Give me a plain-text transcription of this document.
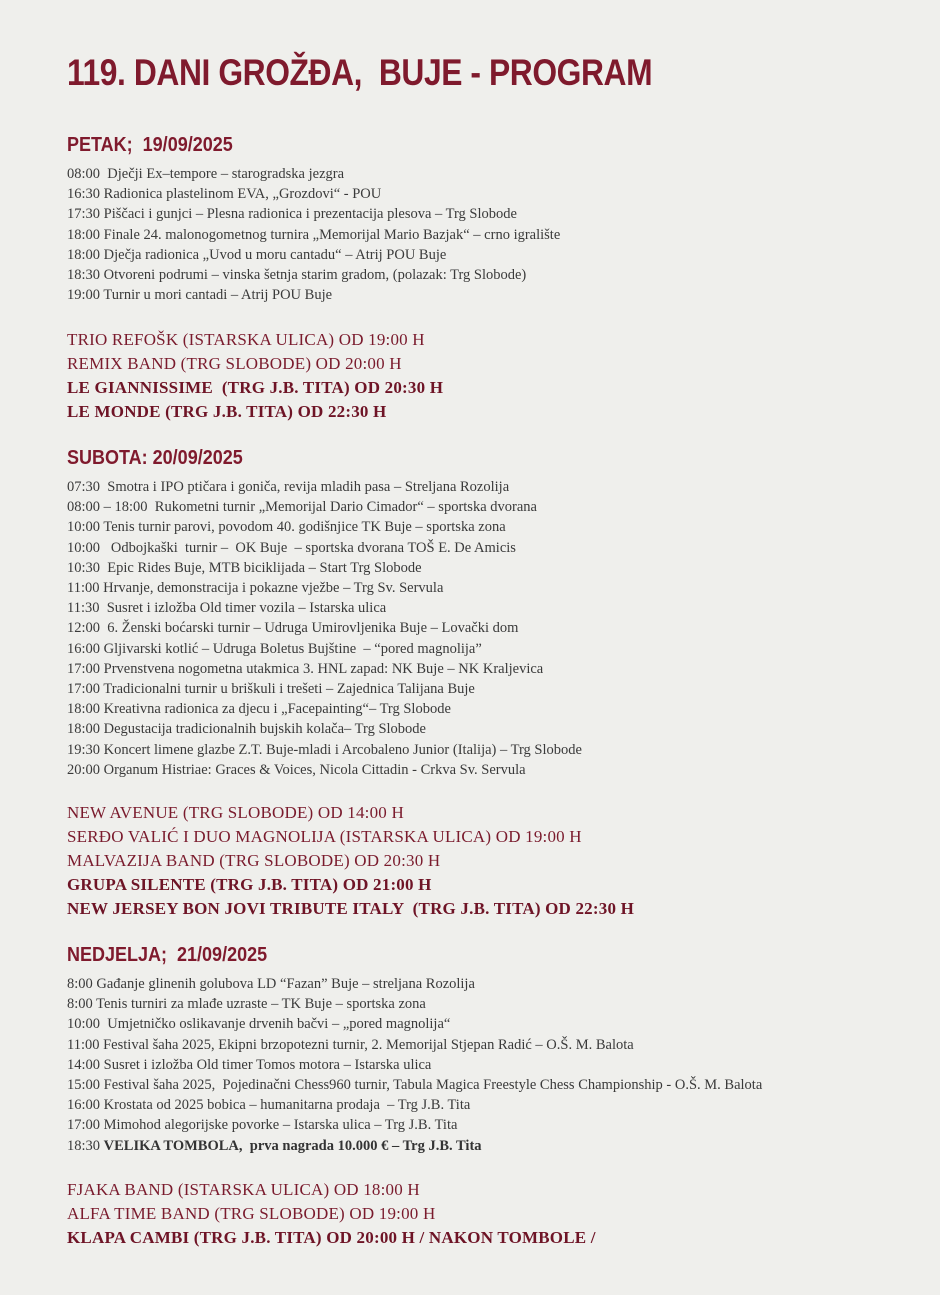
119. DANI GROŽĐA,  BUJE - PROGRAM
PETAK;  19/09/2025
08:00  Dječji Ex–tempore – starogradska jezgra
16:30 Radionica plastelinom EVA, „Grozdovi“ - POU
17:30 Piščaci i gunjci – Plesna radionica i prezentacija plesova – Trg Slobode
18:00 Finale 24. malonogometnog turnira „Memorijal Mario Bazjak“ – crno igralište
18:00 Dječja radionica „Uvod u moru cantadu“ – Atrij POU Buje
18:30 Otvoreni podrumi – vinska šetnja starim gradom, (polazak: Trg Slobode)
19:00 Turnir u mori cantadi – Atrij POU Buje
TRIO REFOŠK (ISTARSKA ULICA) OD 19:00 H
REMIX BAND (TRG SLOBODE) OD 20:00 H
LE GIANNISSIME  (TRG J.B. TITA) OD 20:30 H
LE MONDE (TRG J.B. TITA) OD 22:30 H
SUBOTA: 20/09/2025
07:30  Smotra i IPO ptičara i goniča, revija mladih pasa – Streljana Rozolija
08:00 – 18:00  Rukometni turnir „Memorijal Dario Cimador“ – sportska dvorana
10:00 Tenis turnir parovi, povodom 40. godišnjice TK Buje – sportska zona
10:00   Odbojkaški  turnir –  OK Buje  – sportska dvorana TOŠ E. De Amicis
10:30  Epic Rides Buje, MTB biciklijada – Start Trg Slobode
11:00 Hrvanje, demonstracija i pokazne vježbe – Trg Sv. Servula
11:30  Susret i izložba Old timer vozila – Istarska ulica
12:00  6. Ženski boćarski turnir – Udruga Umirovljenika Buje – Lovački dom
16:00 Gljivarski kotlić – Udruga Boletus Bujštine  – “pored magnolija”
17:00 Prvenstvena nogometna utakmica 3. HNL zapad: NK Buje – NK Kraljevica
17:00 Tradicionalni turnir u briškuli i trešeti – Zajednica Talijana Buje
18:00 Kreativna radionica za djecu i „Facepainting“– Trg Slobode
18:00 Degustacija tradicionalnih bujskih kolača– Trg Slobode
19:30 Koncert limene glazbe Z.T. Buje-mladi i Arcobaleno Junior (Italija) – Trg Slobode
20:00 Organum Histriae: Graces & Voices, Nicola Cittadin - Crkva Sv. Servula
NEW AVENUE (TRG SLOBODE) OD 14:00 H
SERĐO VALIĆ I DUO MAGNOLIJA (ISTARSKA ULICA) OD 19:00 H
MALVAZIJA BAND (TRG SLOBODE) OD 20:30 H
GRUPA SILENTE (TRG J.B. TITA) OD 21:00 H
NEW JERSEY BON JOVI TRIBUTE ITALY  (TRG J.B. TITA) OD 22:30 H
NEDJELJA;  21/09/2025
8:00 Gađanje glinenih golubova LD “Fazan” Buje – streljana Rozolija
8:00 Tenis turniri za mlađe uzraste – TK Buje – sportska zona
10:00  Umjetničko oslikavanje drvenih bačvi – „pored magnolija“
11:00 Festival šaha 2025, Ekipni brzopotezni turnir, 2. Memorijal Stjepan Radić – O.Š. M. Balota
14:00 Susret i izložba Old timer Tomos motora – Istarska ulica
15:00 Festival šaha 2025,  Pojedinačni Chess960 turnir, Tabula Magica Freestyle Chess Championship - O.Š. M. Balota
16:00 Krostata od 2025 bobica – humanitarna prodaja  – Trg J.B. Tita
17:00 Mimohod alegorijske povorke – Istarska ulica – Trg J.B. Tita
18:30 VELIKA TOMBOLA,  prva nagrada 10.000 € – Trg J.B. Tita
FJAKA BAND (ISTARSKA ULICA) OD 18:00 H
ALFA TIME BAND (TRG SLOBODE) OD 19:00 H
KLAPA CAMBI (TRG J.B. TITA) OD 20:00 H / NAKON TOMBOLE /
